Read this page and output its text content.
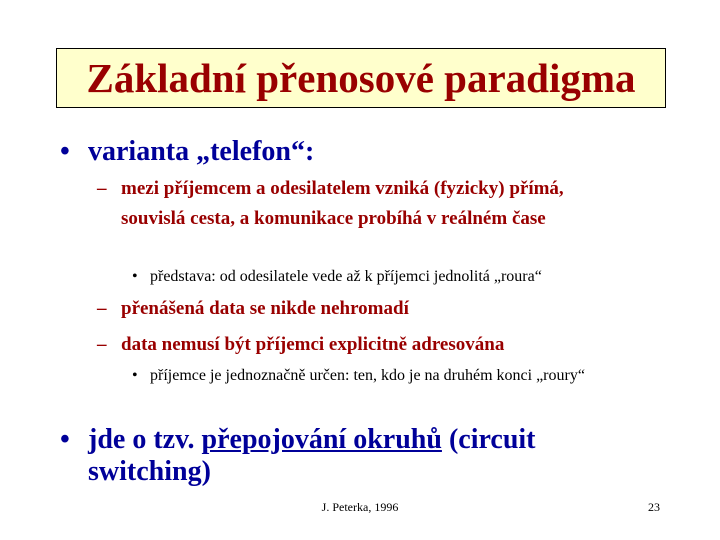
Základní přenosové paradigma
• varianta „telefon“:
– mezi příjemcem a odesilatelem vzniká (fyzicky) přímá, souvislá cesta, a komunikace probíhá v reálném čase
• představa: od odesilatele vede až k příjemci jednolitá „roura“
– přenášená data se nikde nehromadí
– data nemusí být příjemci explicitně adresována
• příjemce je jednoznačně určen: ten, kdo je na druhém konci „roury“
• jde o tzv. přepojování okruhů (circuit switching)
J. Peterka, 1996	23
